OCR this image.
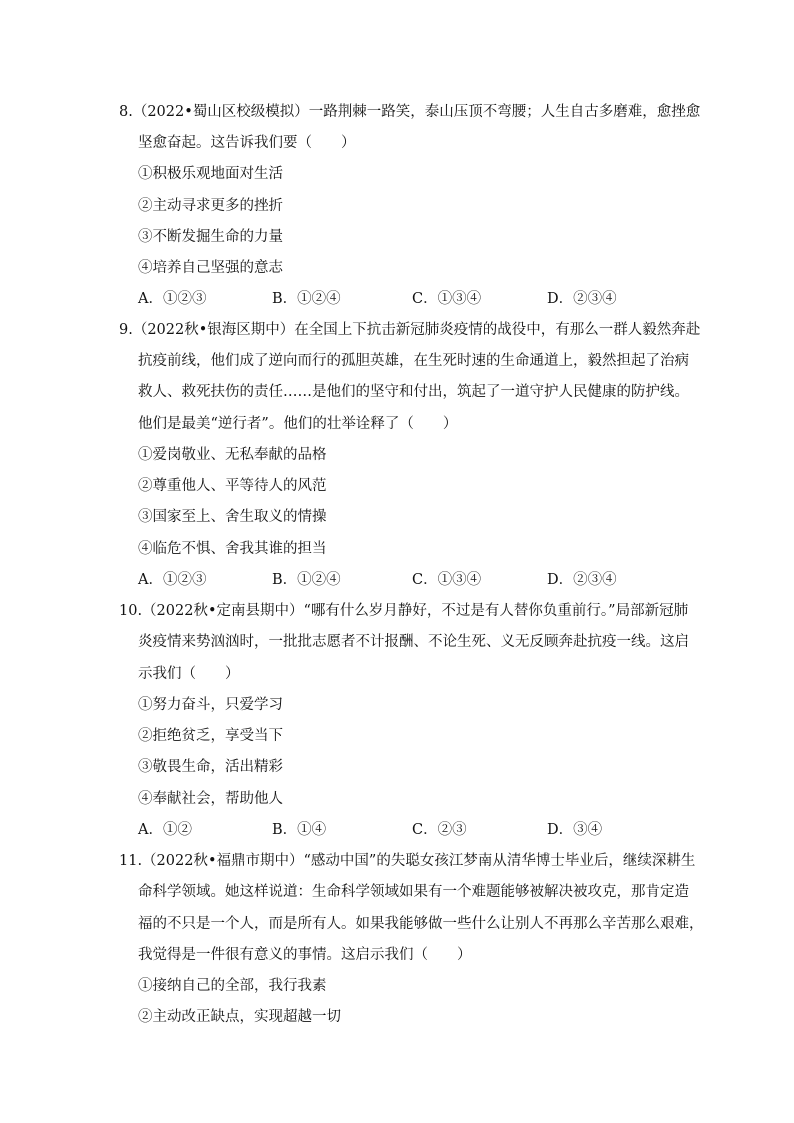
8.（2022•蜀山区校级模拟）一路荆棘一路笑，泰山压顶不弯腰；人生自古多磨难，愈挫愈
坚愈奋起。这告诉我们要（　　）
①积极乐观地面对生活
②主动寻求更多的挫折
③不断发掘生命的力量
④培养自己坚强的意志
A．①②③	B．①②④	C．①③④	D．②③④
9.（2022秋•银海区期中）在全国上下抗击新冠肺炎疫情的战役中，有那么一群人毅然奔赴
抗疫前线，他们成了逆向而行的孤胆英雄，在生死时速的生命通道上，毅然担起了治病
救人、救死扶伤的责任……是他们的坚守和付出，筑起了一道守护人民健康的防护线。
他们是最美“逆行者”。他们的壮举诠释了（　　）
①爱岗敬业、无私奉献的品格
②尊重他人、平等待人的风范
③国家至上、舍生取义的情操
④临危不惧、舍我其谁的担当
A．①②③	B．①②④	C．①③④	D．②③④
10.（2022秋•定南县期中）“哪有什么岁月静好，不过是有人替你负重前行。”局部新冠肺
炎疫情来势汹汹时，一批批志愿者不计报酬、不论生死、义无反顾奔赴抗疫一线。这启
示我们（　　）
①努力奋斗，只爱学习
②拒绝贫乏，享受当下
③敬畏生命，活出精彩
④奉献社会，帮助他人
A．①②	B．①④	C．②③	D．③④
11.（2022秋•福鼎市期中）“感动中国”的失聪女孩江梦南从清华博士毕业后，继续深耕生
命科学领域。她这样说道：生命科学领域如果有一个难题能够被解决被攻克，那肯定造
福的不只是一个人，而是所有人。如果我能够做一些什么让别人不再那么辛苦那么艰难，
我觉得是一件很有意义的事情。这启示我们（　　）
①接纳自己的全部，我行我素
②主动改正缺点，实现超越一切
